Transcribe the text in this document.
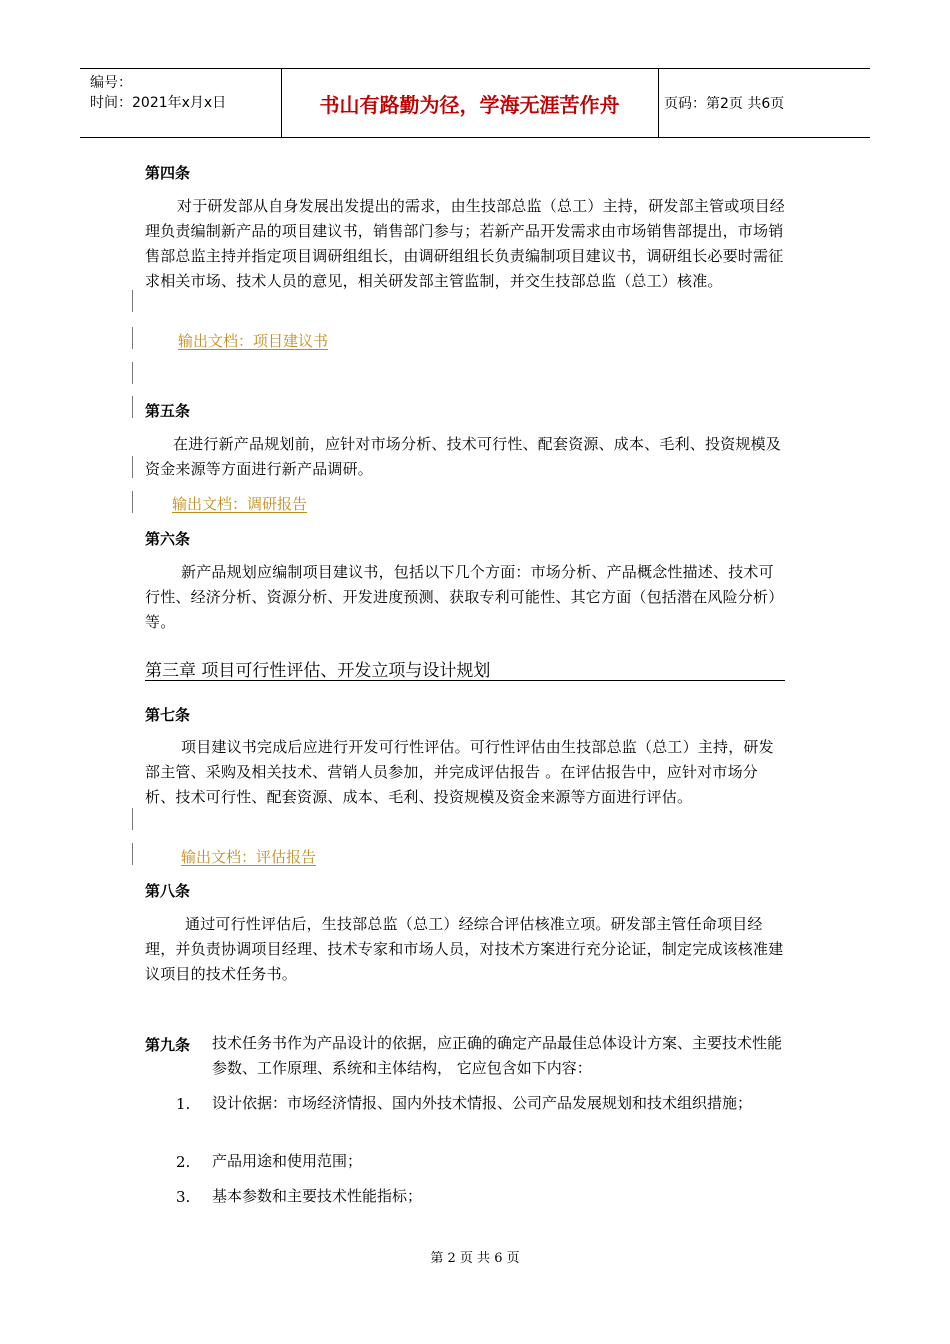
编号：
时间：2021年x月x日	书山有路勤为径，学海无涯苦作舟	页码：第2页 共6页
第四条
对于研发部从自身发展出发提出的需求，由生技部总监（总工）主持，研发部主管或项目经理负责编制新产品的项目建议书，销售部门参与；若新产品开发需求由市场销售部提出，市场销售部总监主持并指定项目调研组组长，由调研组组长负责编制项目建议书，调研组长必要时需征求相关市场、技术人员的意见，相关研发部主管监制，并交生技部总监（总工）核准。
输出文档：项目建议书
第五条
在进行新产品规划前，应针对市场分析、技术可行性、配套资源、成本、毛利、投资规模及资金来源等方面进行新产品调研。
输出文档：调研报告
第六条
新产品规划应编制项目建议书，包括以下几个方面：市场分析、产品概念性描述、技术可行性、经济分析、资源分析、开发进度预测、获取专利可能性、其它方面（包括潜在风险分析）等。
第三章 项目可行性评估、开发立项与设计规划
第七条
项目建议书完成后应进行开发可行性评估。可行性评估由生技部总监（总工）主持，研发部主管、采购及相关技术、营销人员参加，并完成评估报告 。在评估报告中，应针对市场分析、技术可行性、配套资源、成本、毛利、投资规模及资金来源等方面进行评估。
输出文档：评估报告
第八条
通过可行性评估后，生技部总监（总工）经综合评估核准立项。研发部主管任命项目经理，并负责协调项目经理、技术专家和市场人员，对技术方案进行充分论证，制定完成该核准建议项目的技术任务书。
第九条 技术任务书作为产品设计的依据，应正确的确定产品最佳总体设计方案、主要技术性能参数、工作原理、系统和主体结构， 它应包含如下内容：
1. 设计依据：市场经济情报、国内外技术情报、公司产品发展规划和技术组织措施；
2. 产品用途和使用范围；
3. 基本参数和主要技术性能指标；
第 2 页 共 6 页
